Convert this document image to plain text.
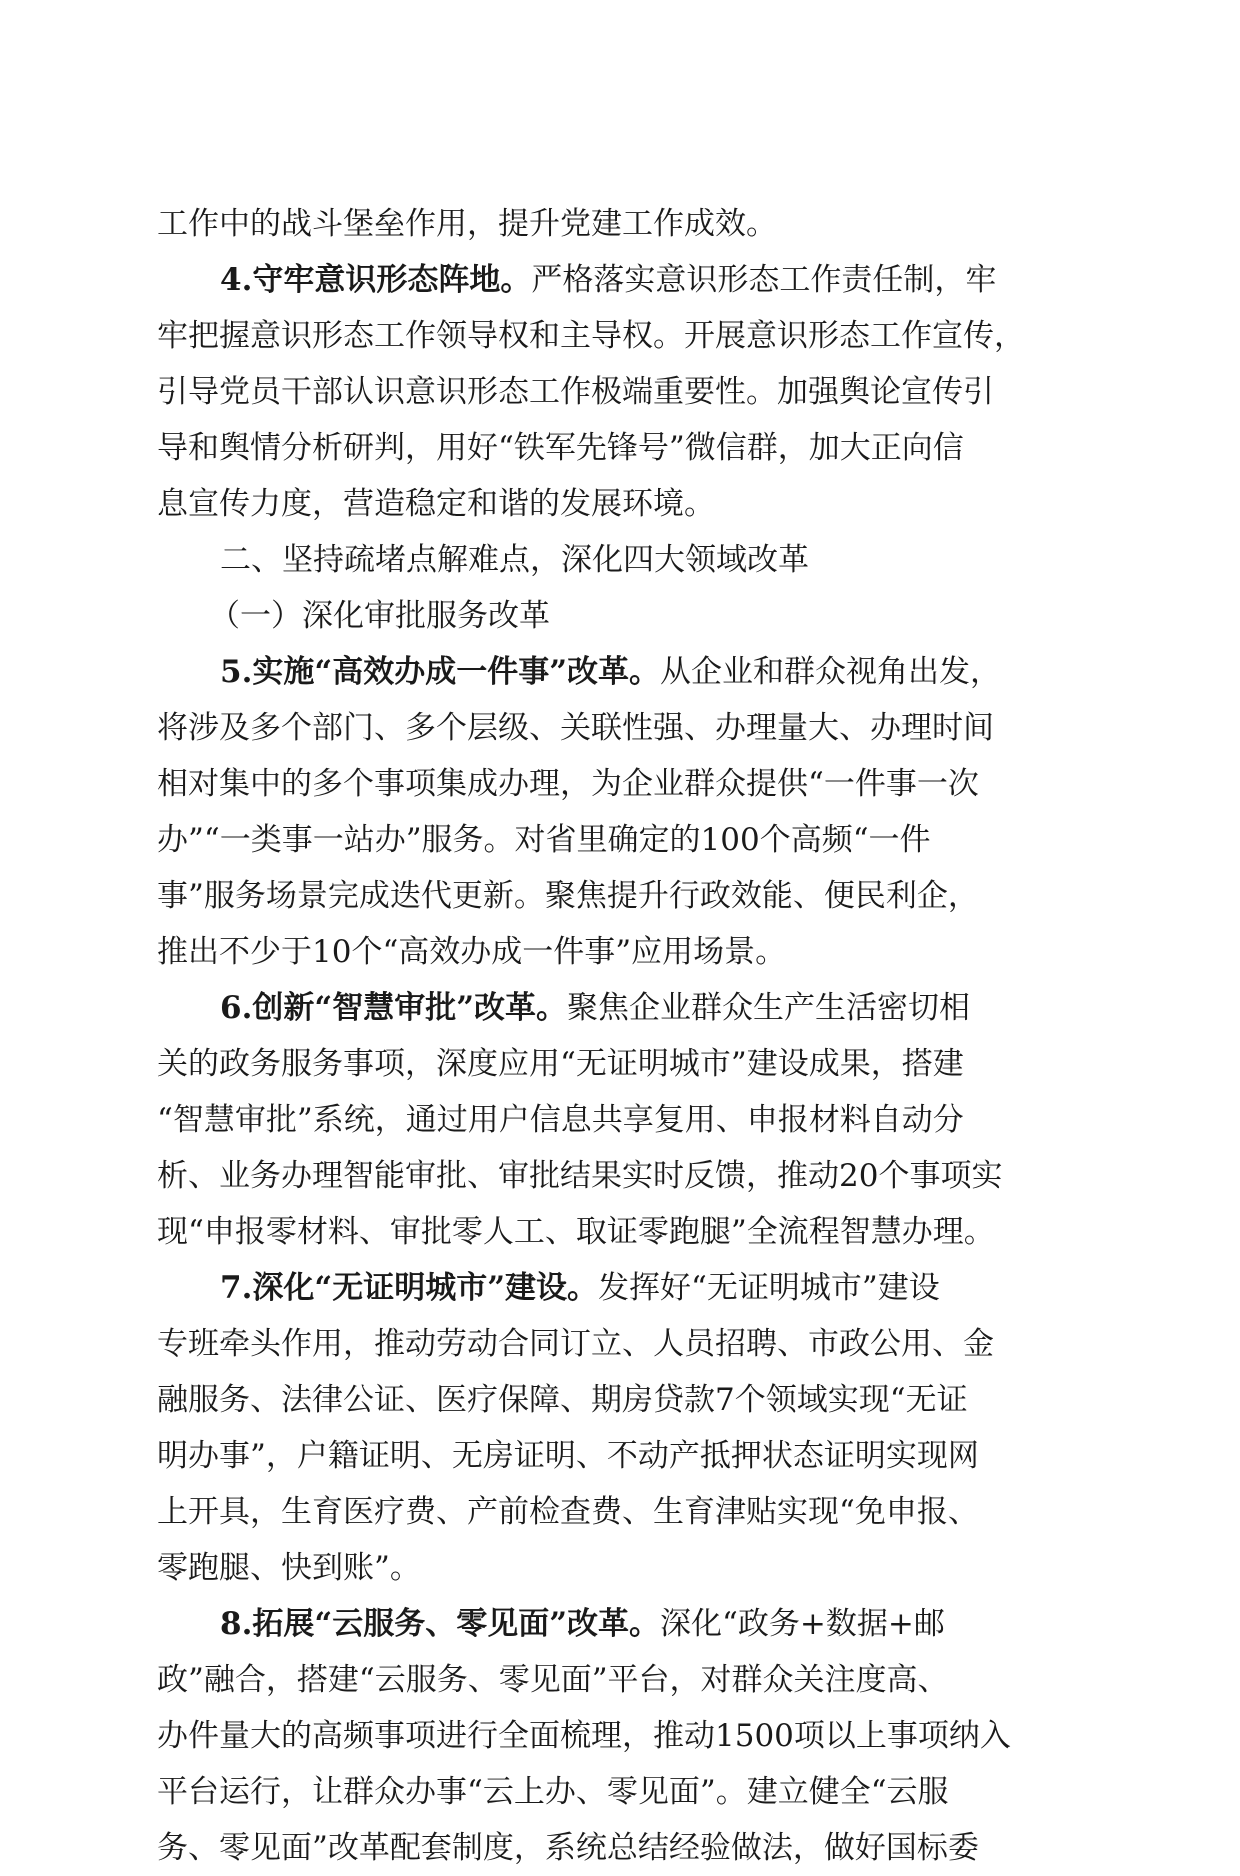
工作中的战斗堡垒作用，提升党建工作成效。
4.守牢意识形态阵地。严格落实意识形态工作责任制，牢
牢把握意识形态工作领导权和主导权。开展意识形态工作宣传，
引导党员干部认识意识形态工作极端重要性。加强舆论宣传引
导和舆情分析研判，用好“铁军先锋号”微信群，加大正向信
息宣传力度，营造稳定和谐的发展环境。
二、坚持疏堵点解难点，深化四大领域改革
（一）深化审批服务改革
5.实施“高效办成一件事”改革。从企业和群众视角出发，
将涉及多个部门、多个层级、关联性强、办理量大、办理时间
相对集中的多个事项集成办理，为企业群众提供“一件事一次
办”“一类事一站办”服务。对省里确定的100个高频“一件
事”服务场景完成迭代更新。聚焦提升行政效能、便民利企，
推出不少于10个“高效办成一件事”应用场景。
6.创新“智慧审批”改革。聚焦企业群众生产生活密切相
关的政务服务事项，深度应用“无证明城市”建设成果，搭建
“智慧审批”系统，通过用户信息共享复用、申报材料自动分
析、业务办理智能审批、审批结果实时反馈，推动20个事项实
现“申报零材料、审批零人工、取证零跑腿”全流程智慧办理。
7.深化“无证明城市”建设。发挥好“无证明城市”建设
专班牵头作用，推动劳动合同订立、人员招聘、市政公用、金
融服务、法律公证、医疗保障、期房贷款7个领域实现“无证
明办事”，户籍证明、无房证明、不动产抵押状态证明实现网
上开具，生育医疗费、产前检查费、生育津贴实现“免申报、
零跑腿、快到账”。
8.拓展“云服务、零见面”改革。深化“政务+数据+邮
政”融合，搭建“云服务、零见面”平台，对群众关注度高、
办件量大的高频事项进行全面梳理，推动1500项以上事项纳入
平台运行，让群众办事“云上办、零见面”。建立健全“云服
务、零见面”改革配套制度，系统总结经验做法，做好国标委
